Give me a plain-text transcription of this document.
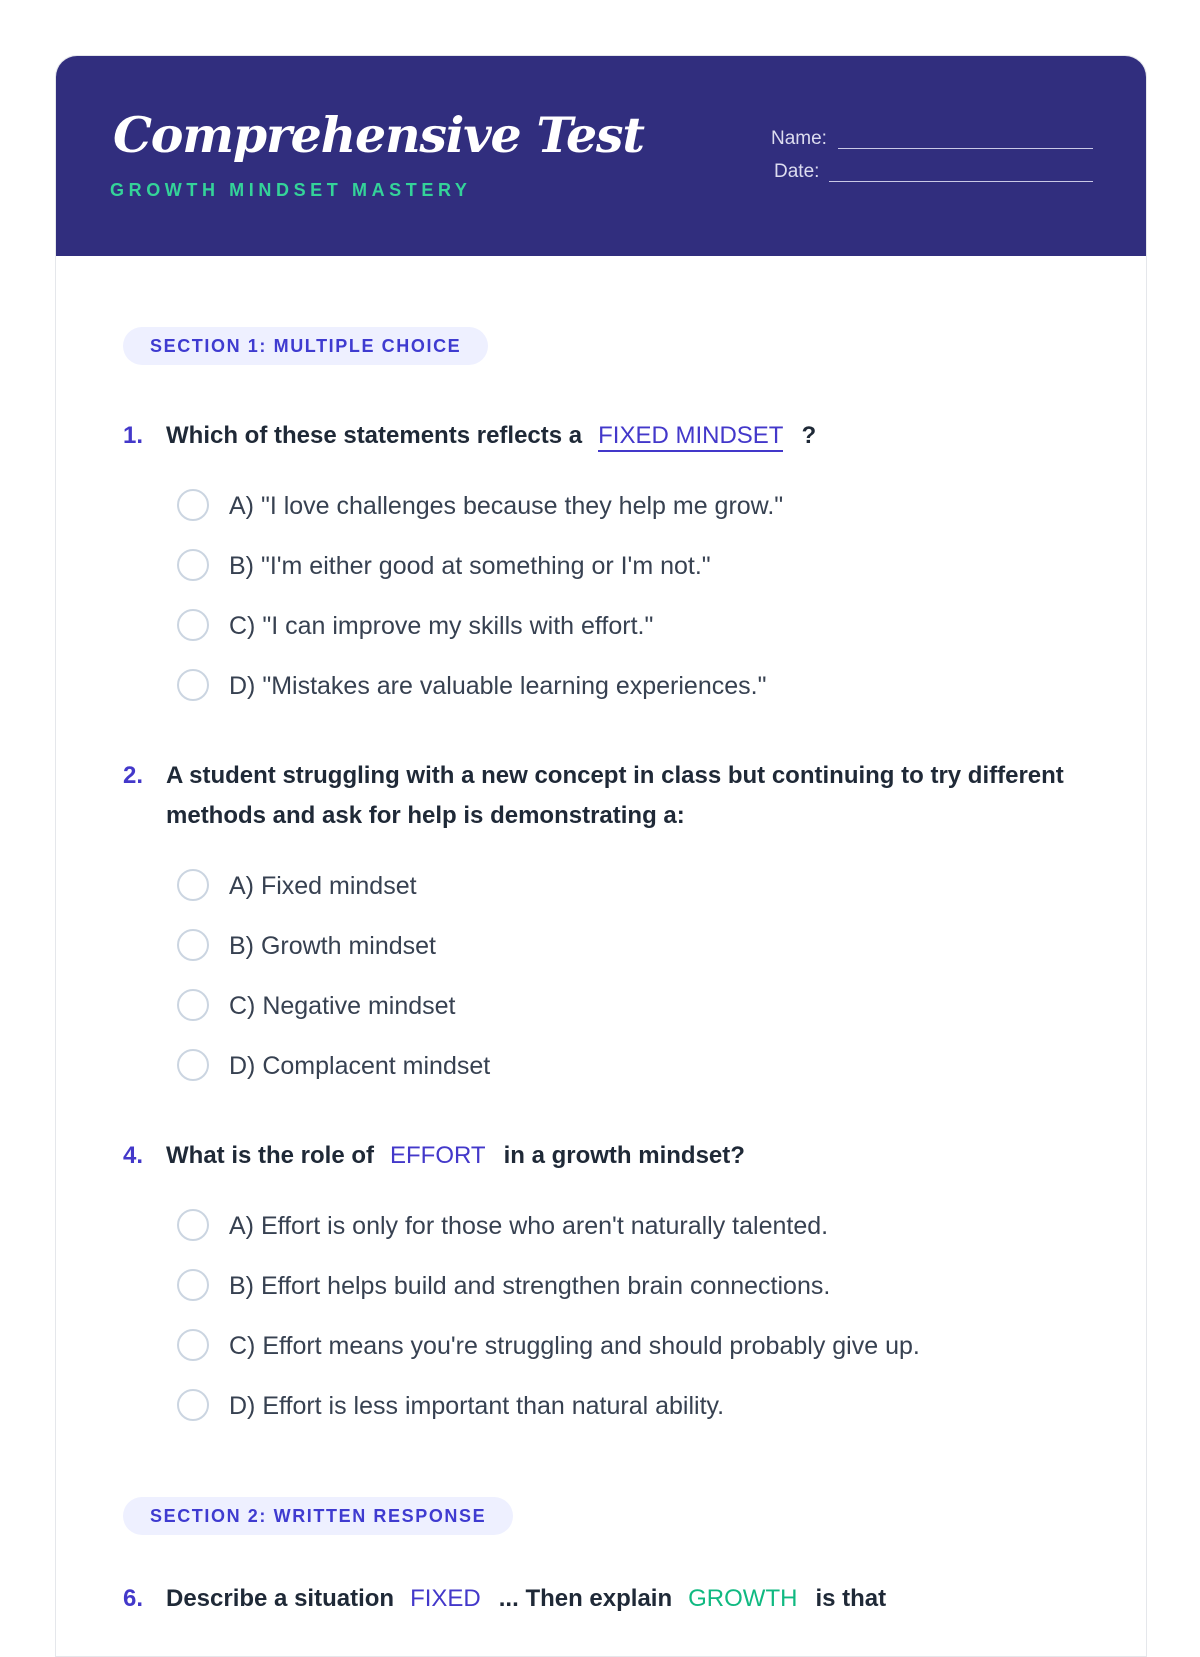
Comprehensive Test
GROWTH MINDSET MASTERY
Name:
Date:
SECTION 1: MULTIPLE CHOICE
1. Which of these statements reflects a FIXED MINDSET ?
A) "I love challenges because they help me grow."
B) "I'm either good at something or I'm not."
C) "I can improve my skills with effort."
D) "Mistakes are valuable learning experiences."
2. A student struggling with a new concept in class but continuing to try different methods and ask for help is demonstrating a:
A) Fixed mindset
B) Growth mindset
C) Negative mindset
D) Complacent mindset
4. What is the role of EFFORT in a growth mindset?
A) Effort is only for those who aren't naturally talented.
B) Effort helps build and strengthen brain connections.
C) Effort means you're struggling and should probably give up.
D) Effort is less important than natural ability.
SECTION 2: WRITTEN RESPONSE
6. Describe a situation FIXED ... Then explain GROWTH is that
